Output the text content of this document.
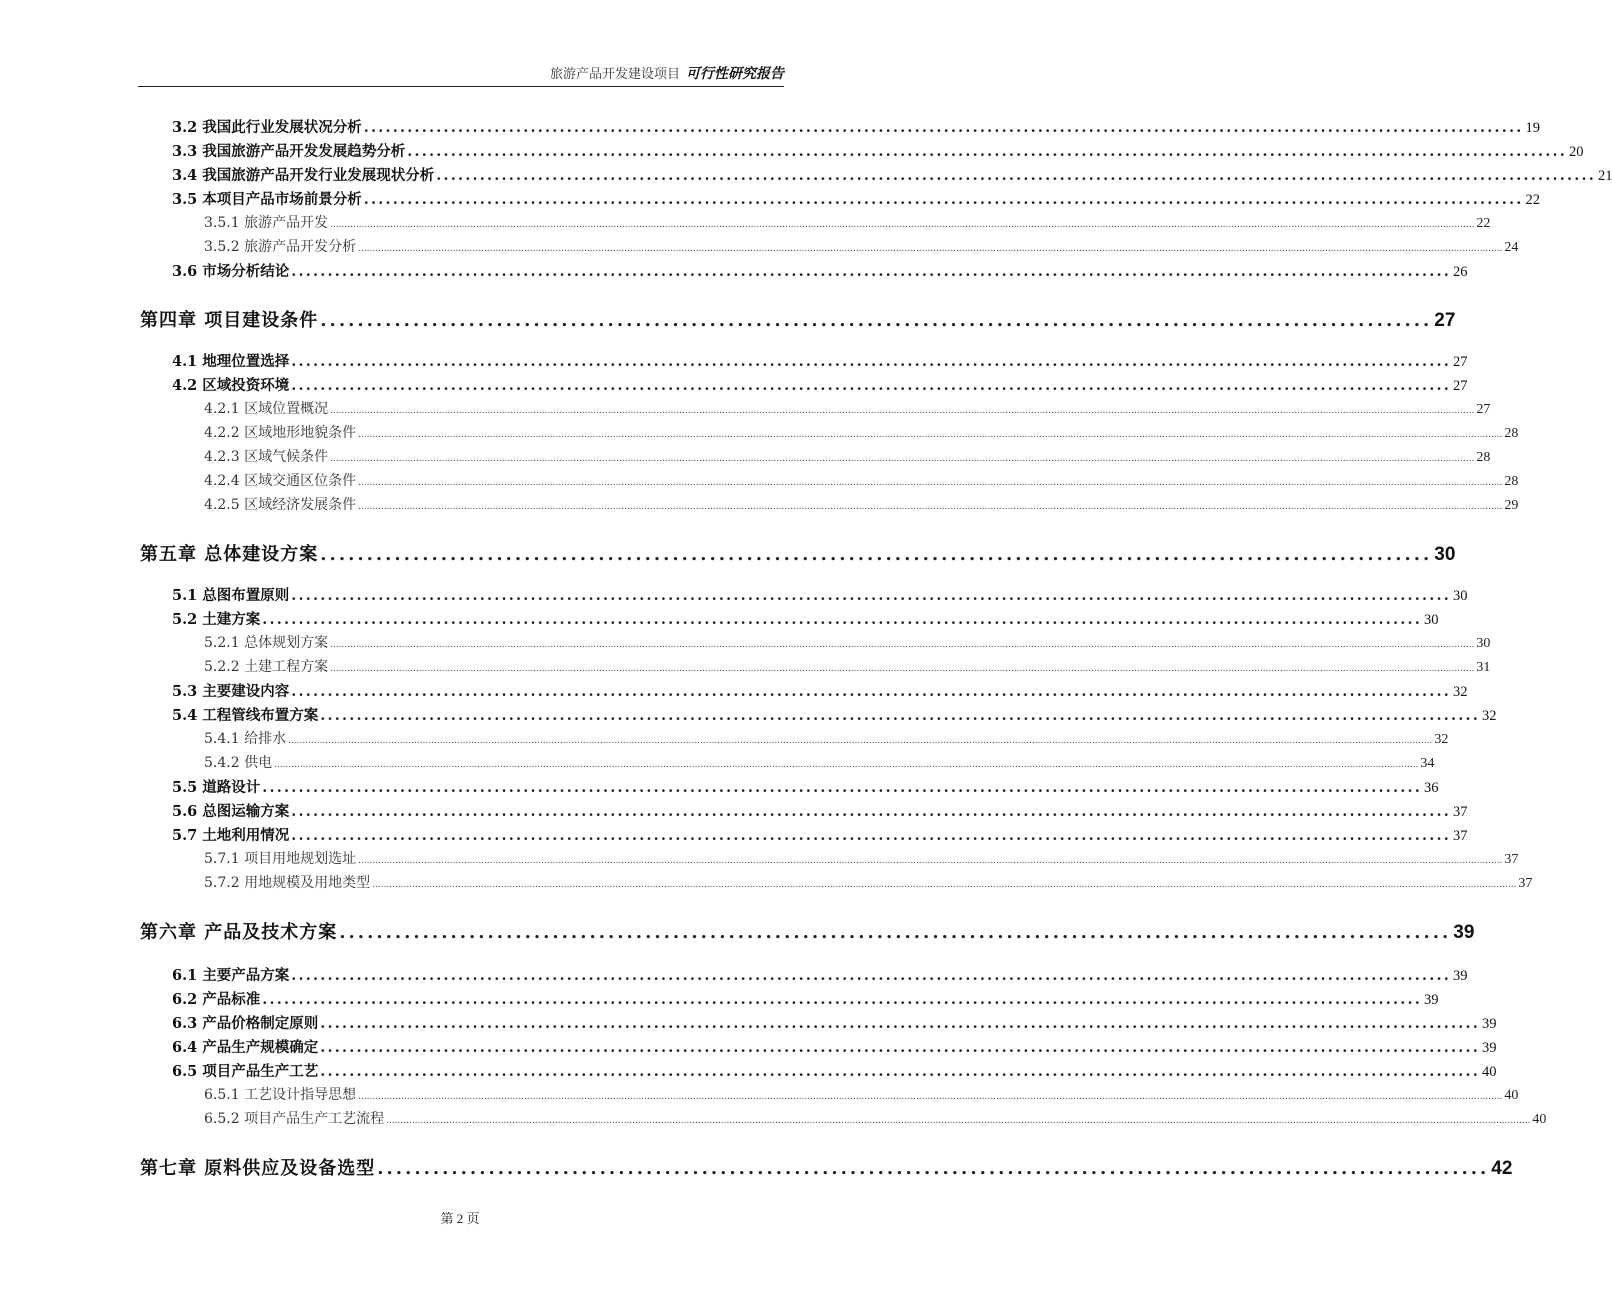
旅游产品开发建设项目 可行性研究报告
3.2 我国此行业发展状况分析 ................................................................................................................................................................ 19
3.3 我国旅游产品开发发展趋势分析 ................................................................................................................................................................ 20
3.4 我国旅游产品开发行业发展现状分析 ................................................................................................................................................................ 21
3.5 本项目产品市场前景分析 ................................................................................................................................................................ 22
3.5.1 旅游产品开发 ................................................................................................................................................................................................................................................................................................................................................................................................................ 22
3.5.2 旅游产品开发分析 ................................................................................................................................................................................................................................................................................................................................................................................................................ 24
3.6 市场分析结论 ................................................................................................................................................................ 26
第四章 项目建设条件 ........................................................................................................................ 27
4.1 地理位置选择 ................................................................................................................................................................ 27
4.2 区域投资环境 ................................................................................................................................................................ 27
4.2.1 区域位置概况 ................................................................................................................................................................................................................................................................................................................................................................................................................ 27
4.2.2 区域地形地貌条件 ................................................................................................................................................................................................................................................................................................................................................................................................................ 28
4.2.3 区域气候条件 ................................................................................................................................................................................................................................................................................................................................................................................................................ 28
4.2.4 区域交通区位条件 ................................................................................................................................................................................................................................................................................................................................................................................................................ 28
4.2.5 区域经济发展条件 ................................................................................................................................................................................................................................................................................................................................................................................................................ 29
第五章 总体建设方案 ........................................................................................................................ 30
5.1 总图布置原则 ................................................................................................................................................................ 30
5.2 土建方案 ................................................................................................................................................................ 30
5.2.1 总体规划方案 ................................................................................................................................................................................................................................................................................................................................................................................................................ 30
5.2.2 土建工程方案 ................................................................................................................................................................................................................................................................................................................................................................................................................ 31
5.3 主要建设内容 ................................................................................................................................................................ 32
5.4 工程管线布置方案 ................................................................................................................................................................ 32
5.4.1 给排水 ................................................................................................................................................................................................................................................................................................................................................................................................................ 32
5.4.2 供电 ................................................................................................................................................................................................................................................................................................................................................................................................................ 34
5.5 道路设计 ................................................................................................................................................................ 36
5.6 总图运输方案 ................................................................................................................................................................ 37
5.7 土地利用情况 ................................................................................................................................................................ 37
5.7.1 项目用地规划选址 ................................................................................................................................................................................................................................................................................................................................................................................................................ 37
5.7.2 用地规模及用地类型 ................................................................................................................................................................................................................................................................................................................................................................................................................ 37
第六章 产品及技术方案 ........................................................................................................................ 39
6.1 主要产品方案 ................................................................................................................................................................ 39
6.2 产品标准 ................................................................................................................................................................ 39
6.3 产品价格制定原则 ................................................................................................................................................................ 39
6.4 产品生产规模确定 ................................................................................................................................................................ 39
6.5 项目产品生产工艺 ................................................................................................................................................................ 40
6.5.1 工艺设计指导思想 ................................................................................................................................................................................................................................................................................................................................................................................................................ 40
6.5.2 项目产品生产工艺流程 ................................................................................................................................................................................................................................................................................................................................................................................................................ 40
第七章 原料供应及设备选型 ........................................................................................................................ 42
第 2 页
